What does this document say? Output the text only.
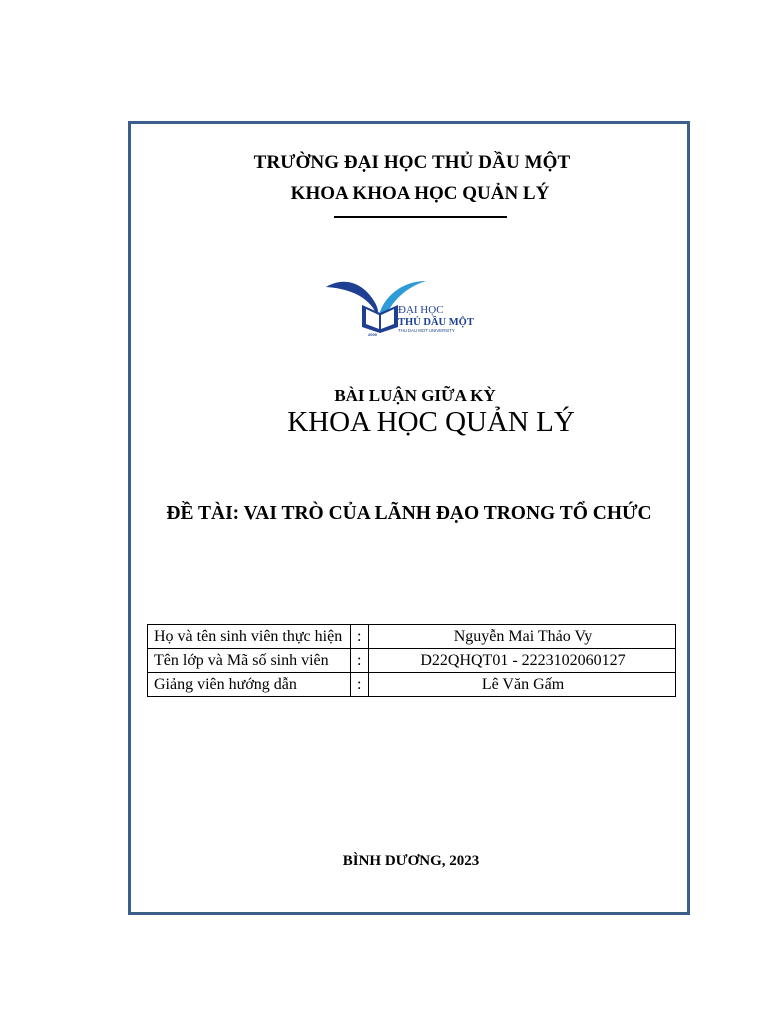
TRƯỜNG ĐẠI HỌC THỦ DẦU MỘT
KHOA KHOA HỌC QUẢN LÝ
2009
ĐẠI HỌC
THỦ DẦU MỘT
THU DAU MOT UNIVERSITY
BÀI LUẬN GIỮA KỲ
KHOA HỌC QUẢN LÝ
ĐỀ TÀI: VAI TRÒ CỦA LÃNH ĐẠO TRONG TỔ CHỨC
Họ và tên sinh viên thực hiện	:	Nguyễn Mai Thảo Vy
Tên lớp và Mã số sinh viên	:	D22QHQT01 - 2223102060127
Giảng viên hướng dẫn	:	Lê Văn Gấm
BÌNH DƯƠNG, 2023
